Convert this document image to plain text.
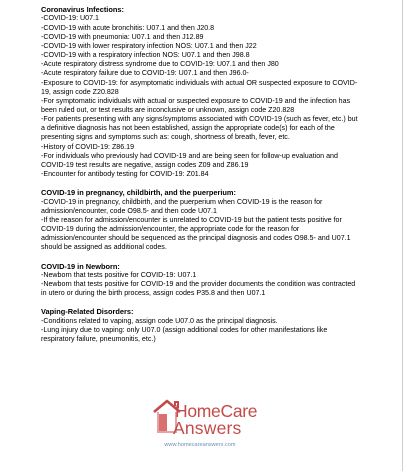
Coronavirus Infections:

-COVID-19: U07.1

-COVID-19 with acute bronchitis: U07.1 and then J20.8

-COVID-19 with pneumonia: U07.1 and then J12.89

-COVID-19 with lower respiratory infection NOS: U07.1 and then J22

-COVID-19 with a respiratory infection NOS: U07.1 and then J98.8

-Acute respiratory distress syndrome due to COVID-19: U07.1 and then J80

-Acute respiratory failure due to COVID-19: U07.1 and then J96.0-

-Exposure to COVID-19: for asymptomatic individuals with actual OR suspected exposure to COVID-19, assign code Z20.828

-For symptomatic individuals with actual or suspected exposure to COVID-19 and the infection has been ruled out, or test results are inconclusive or unknown, assign code Z20.828

-For patients presenting with any signs/symptoms associated with COVID-19 (such as fever, etc.) but a definitive diagnosis has not been established, assign the appropriate code(s) for each of the presenting signs and symptoms such as: cough, shortness of breath, fever, etc.

-History of COVID-19: Z86.19

-For individuals who previously had COVID-19 and are being seen for follow-up evaluation and COVID-19 test results are negative, assign codes Z09 and Z86.19

-Encounter for antibody testing for COVID-19: Z01.84

COVID-19 in pregnancy, childbirth, and the puerperium:

-COVID-19 in pregnancy, childbirth, and the puerperium when COVID-19 is the reason for admission/encounter, code O98.5- and then code U07.1

-If the reason for admission/encounter is unrelated to COVID-19 but the patient tests positive for COVID-19 during the admission/encounter, the appropriate code for the reason for admission/encounter should be sequenced as the principal diagnosis and codes O98.5- and U07.1 should be assigned as additional codes.

COVID-19 in Newborn:

-Newborn that tests positive for COVID-19: U07.1

-Newborn that tests positive for COVID-19 and the provider documents the condition was contracted in utero or during the birth process, assign codes P35.8 and then U07.1

Vaping-Related Disorders:

-Conditions related to vaping, assign code U07.0 as the principal diagnosis.

-Lung injury due to vaping: only U07.0 (assign additional codes for other manifestations like respiratory failure, pneumonitis, etc.)

HomeCare
Answers
www.homecareanswers.com
